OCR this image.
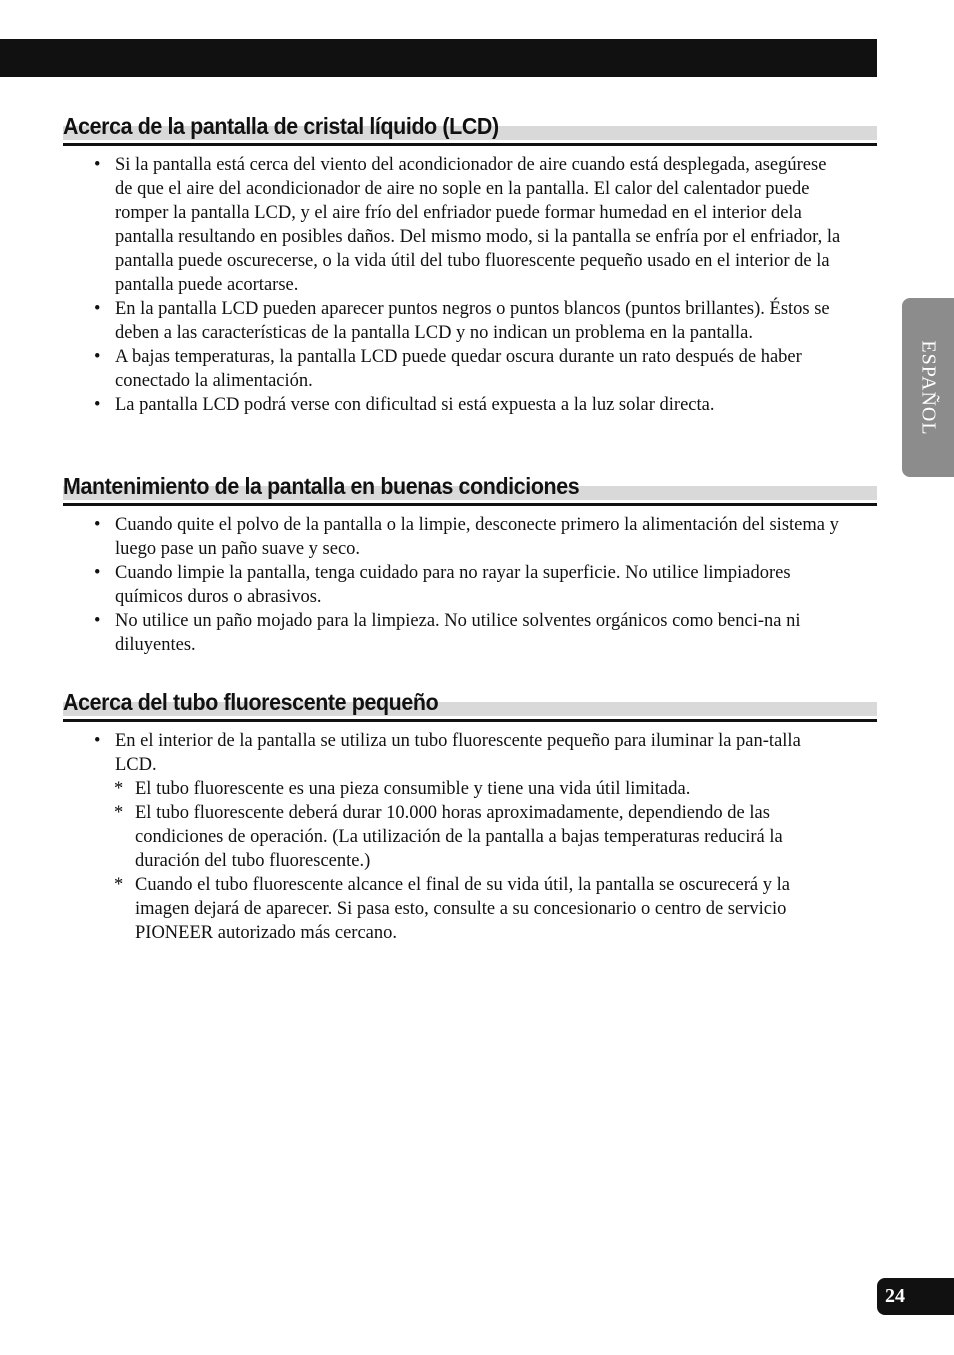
Acerca de la pantalla de cristal líquido (LCD)
• Si la pantalla está cerca del viento del acondicionador de aire cuando está desplegada, asegúrese de que el aire del acondicionador de aire no sople en la pantalla. El calor del calentador puede romper la pantalla LCD, y el aire frío del enfriador puede formar humedad en el interior dela pantalla resultando en posibles daños. Del mismo modo, si la pantalla se enfría por el enfriador, la pantalla puede oscurecerse, o la vida útil del tubo fluorescente pequeño usado en el interior de la pantalla puede acortarse.
• En la pantalla LCD pueden aparecer puntos negros o puntos blancos (puntos brillantes). Éstos se deben a las características de la pantalla LCD y no indican un problema en la pantalla.
• A bajas temperaturas, la pantalla LCD puede quedar oscura durante un rato después de haber conectado la alimentación.
• La pantalla LCD podrá verse con dificultad si está expuesta a la luz solar directa.
Mantenimiento de la pantalla en buenas condiciones
• Cuando quite el polvo de la pantalla o la limpie, desconecte primero la alimentación del sistema y luego pase un paño suave y seco.
• Cuando limpie la pantalla, tenga cuidado para no rayar la superficie. No utilice limpiadores químicos duros o abrasivos.
• No utilice un paño mojado para la limpieza. No utilice solventes orgánicos como benci-na ni diluyentes.
Acerca del tubo fluorescente pequeño
• En el interior de la pantalla se utiliza un tubo fluorescente pequeño para iluminar la pan-talla LCD.
* El tubo fluorescente es una pieza consumible y tiene una vida útil limitada.
* El tubo fluorescente deberá durar 10.000 horas aproximadamente, dependiendo de las condiciones de operación. (La utilización de la pantalla a bajas temperaturas reducirá la duración del tubo fluorescente.)
* Cuando el tubo fluorescente alcance el final de su vida útil, la pantalla se oscurecerá y la imagen dejará de aparecer. Si pasa esto, consulte a su concesionario o centro de servicio PIONEER autorizado más cercano.
ESPAÑOL
24
